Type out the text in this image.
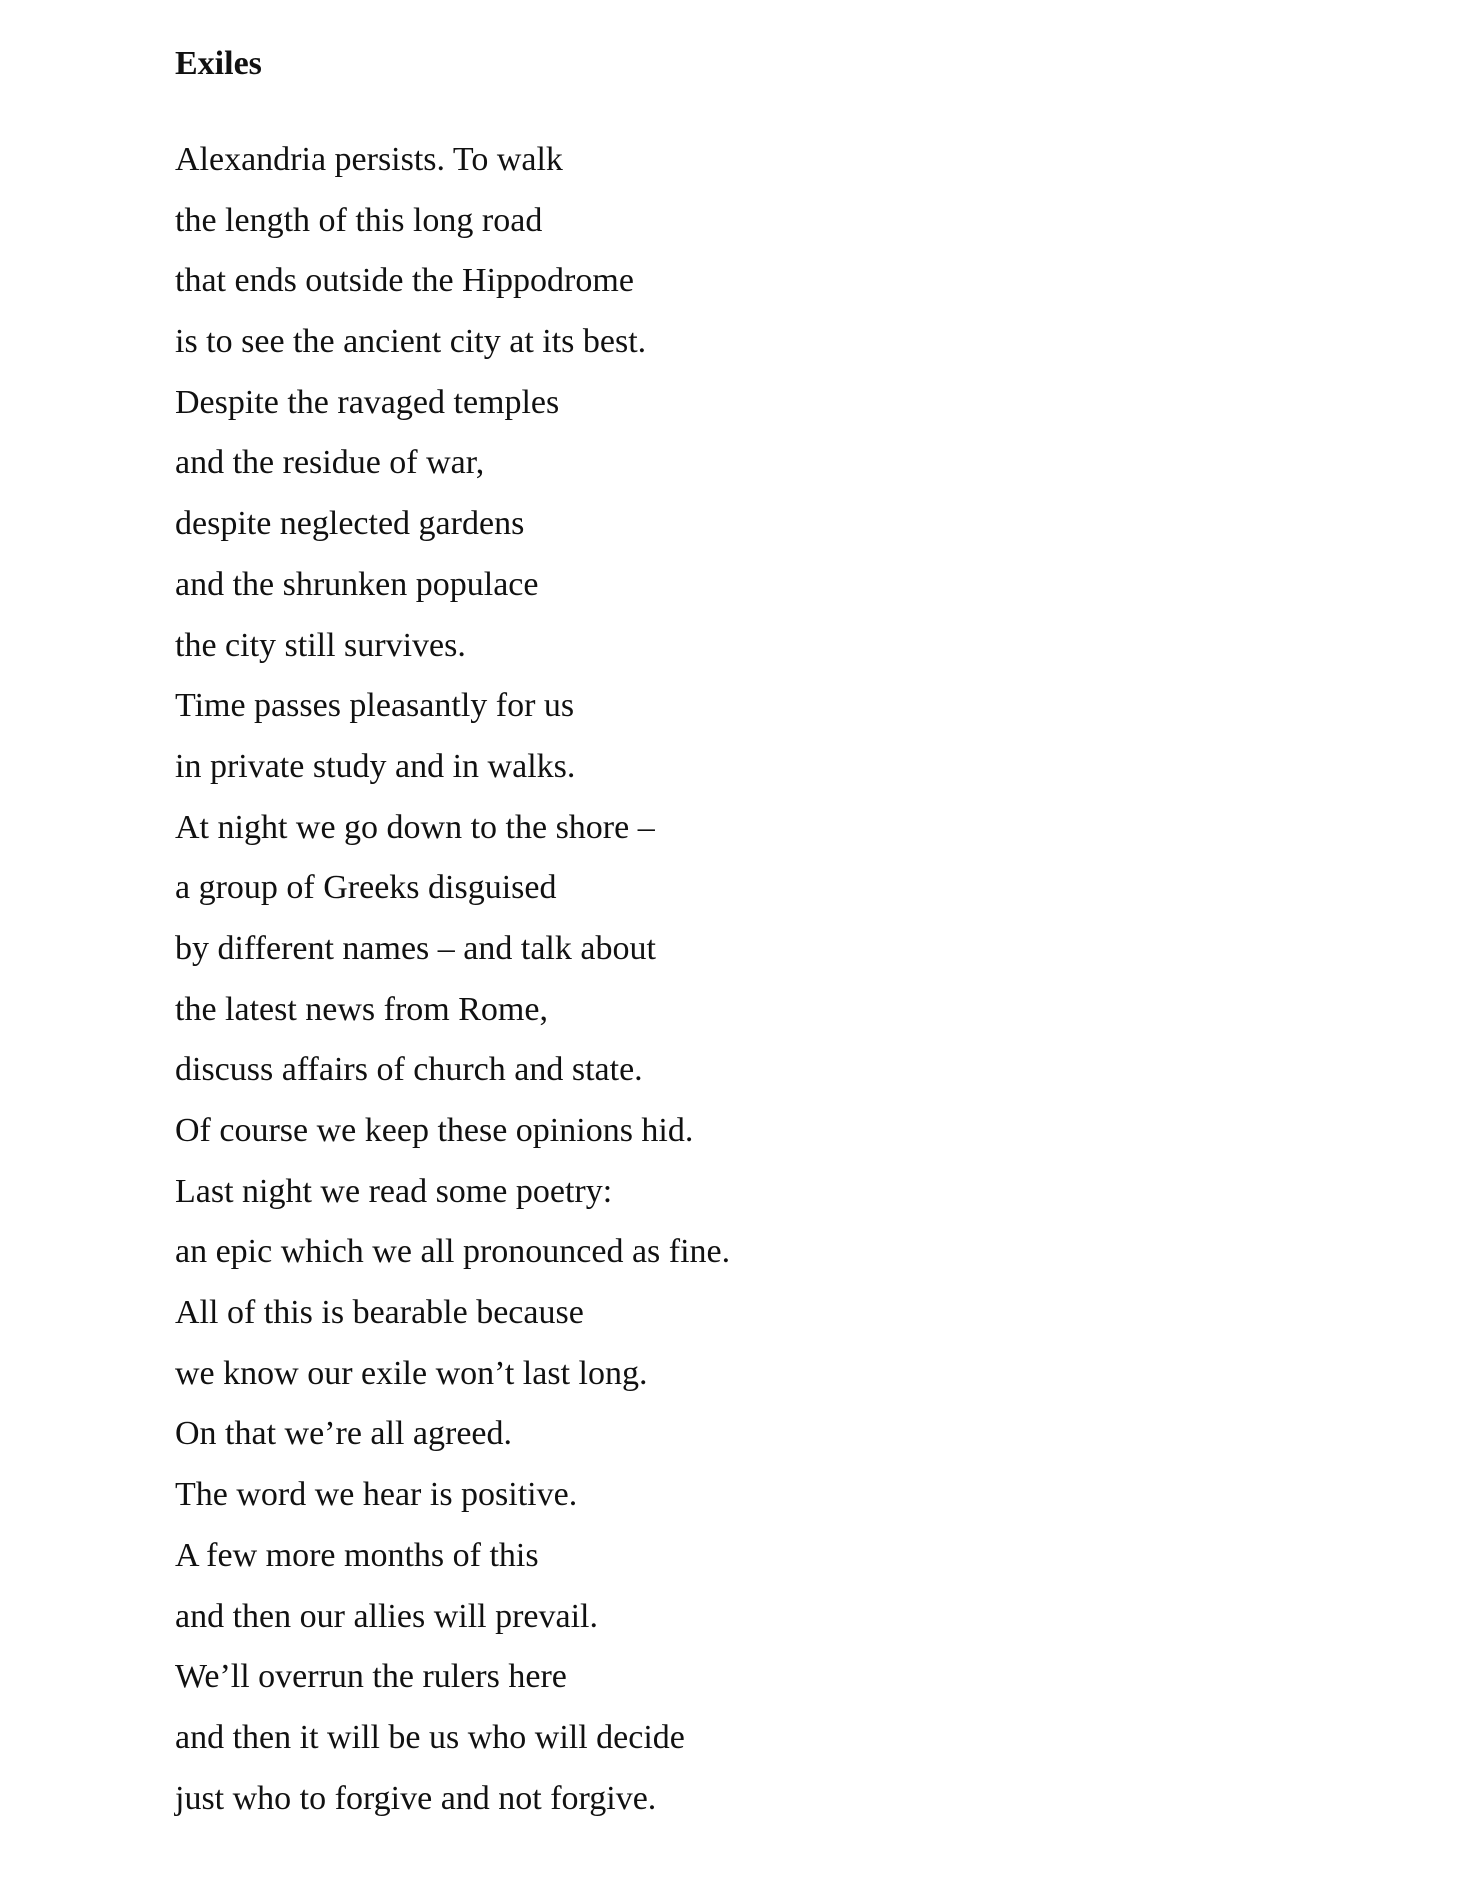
Exiles
Alexandria persists. To walk
the length of this long road
that ends outside the Hippodrome
is to see the ancient city at its best.
Despite the ravaged temples
and the residue of war,
despite neglected gardens
and the shrunken populace
the city still survives.
Time passes pleasantly for us
in private study and in walks.
At night we go down to the shore –
a group of Greeks disguised
by different names – and talk about
the latest news from Rome,
discuss affairs of church and state.
Of course we keep these opinions hid.
Last night we read some poetry:
an epic which we all pronounced as fine.
All of this is bearable because
we know our exile won’t last long.
On that we’re all agreed.
The word we hear is positive.
A few more months of this
and then our allies will prevail.
We’ll overrun the rulers here
and then it will be us who will decide
just who to forgive and not forgive.
